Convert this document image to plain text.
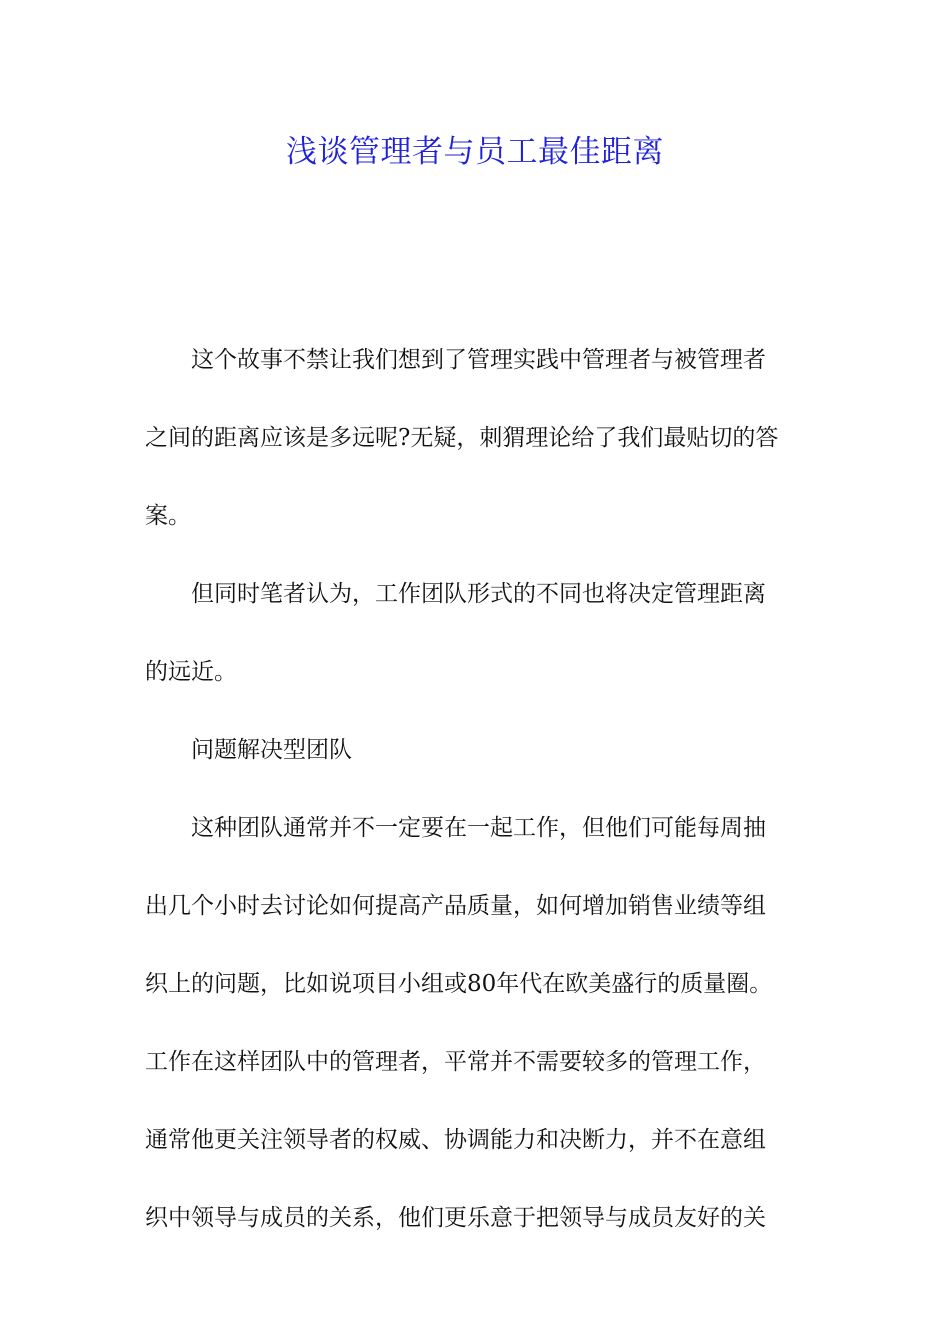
浅谈管理者与员工最佳距离

这个故事不禁让我们想到了管理实践中管理者与被管理者
之间的距离应该是多远呢?无疑，刺猬理论给了我们最贴切的答
案。

但同时笔者认为，工作团队形式的不同也将决定管理距离
的远近。

问题解决型团队

这种团队通常并不一定要在一起工作，但他们可能每周抽
出几个小时去讨论如何提高产品质量，如何增加销售业绩等组
织上的问题，比如说项目小组或80年代在欧美盛行的质量圈。
工作在这样团队中的管理者，平常并不需要较多的管理工作，
通常他更关注领导者的权威、协调能力和决断力，并不在意组
织中领导与成员的关系，他们更乐意于把领导与成员友好的关
